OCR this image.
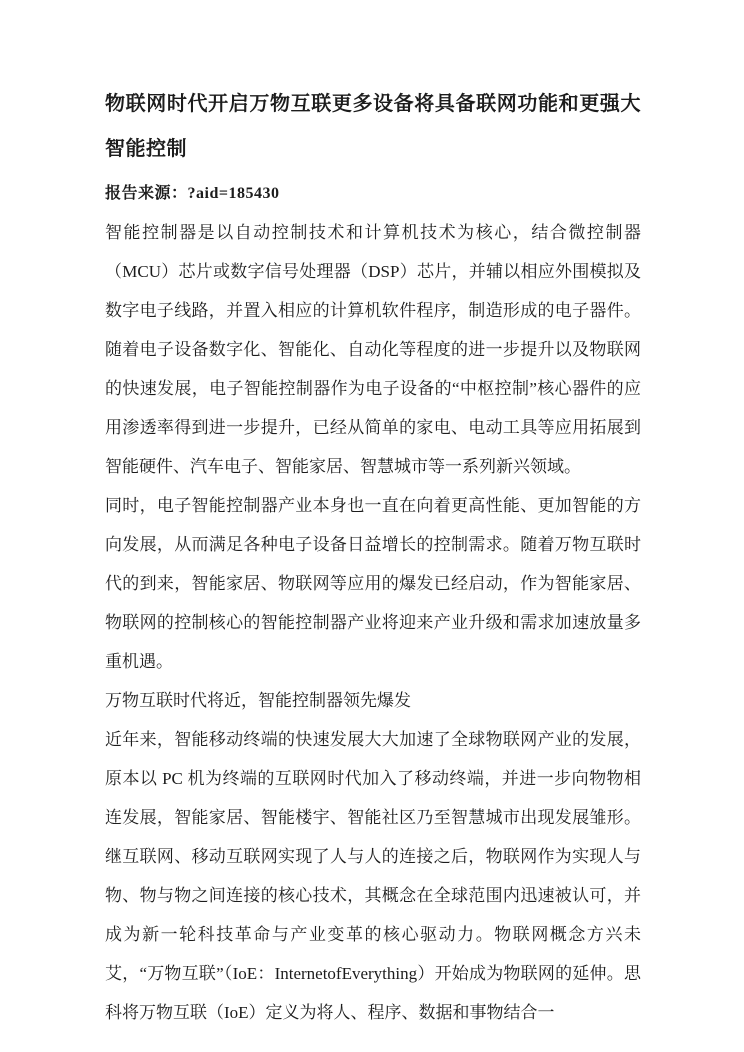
物联网时代开启万物互联更多设备将具备联网功能和更强大智能控制

报告来源：?aid=185430

智能控制器是以自动控制技术和计算机技术为核心，结合微控制器（MCU）芯片或数字信号处理器（DSP）芯片，并辅以相应外围模拟及数字电子线路，并置入相应的计算机软件程序，制造形成的电子器件。随着电子设备数字化、智能化、自动化等程度的进一步提升以及物联网的快速发展，电子智能控制器作为电子设备的“中枢控制”核心器件的应用渗透率得到进一步提升，已经从简单的家电、电动工具等应用拓展到智能硬件、汽车电子、智能家居、智慧城市等一系列新兴领域。

同时，电子智能控制器产业本身也一直在向着更高性能、更加智能的方向发展，从而满足各种电子设备日益增长的控制需求。随着万物互联时代的到来，智能家居、物联网等应用的爆发已经启动，作为智能家居、物联网的控制核心的智能控制器产业将迎来产业升级和需求加速放量多重机遇。

万物互联时代将近，智能控制器领先爆发

近年来，智能移动终端的快速发展大大加速了全球物联网产业的发展，原本以 PC 机为终端的互联网时代加入了移动终端，并进一步向物物相连发展，智能家居、智能楼宇、智能社区乃至智慧城市出现发展雏形。继互联网、移动互联网实现了人与人的连接之后，物联网作为实现人与物、物与物之间连接的核心技术，其概念在全球范围内迅速被认可，并成为新一轮科技革命与产业变革的核心驱动力。物联网概念方兴未艾，“万物互联”（IoE：InternetofEverything）开始成为物联网的延伸。思科将万物互联（IoE）定义为将人、程序、数据和事物结合一
